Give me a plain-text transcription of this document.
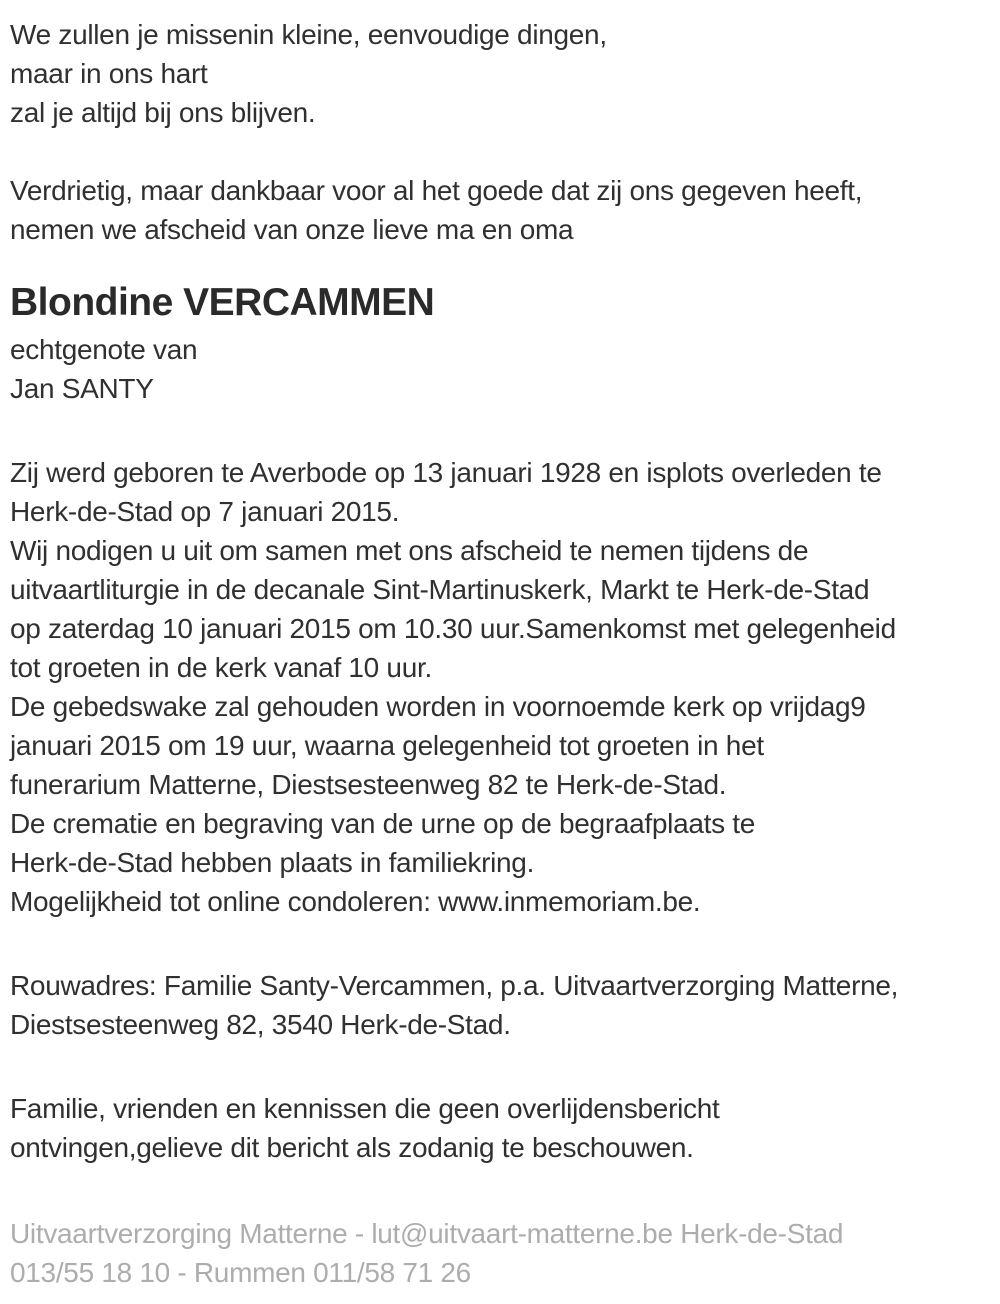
We zullen je missenin kleine, eenvoudige dingen,
maar in ons hart
zal je altijd bij ons blijven.

Verdrietig, maar dankbaar voor al het goede dat zij ons gegeven heeft,
nemen we afscheid van onze lieve ma en oma

Blondine VERCAMMEN

echtgenote van
Jan SANTY

Zij werd geboren te Averbode op 13 januari 1928 en isplots overleden te
Herk-de-Stad op 7 januari 2015.
Wij nodigen u uit om samen met ons afscheid te nemen tijdens de
uitvaartliturgie in de decanale Sint-Martinuskerk, Markt te Herk-de-Stad
op zaterdag 10 januari 2015 om 10.30 uur.Samenkomst met gelegenheid
tot groeten in de kerk vanaf 10 uur.
De gebedswake zal gehouden worden in voornoemde kerk op vrijdag9
januari 2015 om 19 uur, waarna gelegenheid tot groeten in het
funerarium Matterne, Diestsesteenweg 82 te Herk-de-Stad.
De crematie en begraving van de urne op de begraafplaats te
Herk-de-Stad hebben plaats in familiekring.
Mogelijkheid tot online condoleren: www.inmemoriam.be.

Rouwadres: Familie Santy-Vercammen, p.a. Uitvaartverzorging Matterne,
Diestsesteenweg 82, 3540 Herk-de-Stad.

Familie, vrienden en kennissen die geen overlijdensbericht
ontvingen,gelieve dit bericht als zodanig te beschouwen.

Uitvaartverzorging Matterne - lut@uitvaart-matterne.be Herk-de-Stad
013/55 18 10 - Rummen 011/58 71 26
